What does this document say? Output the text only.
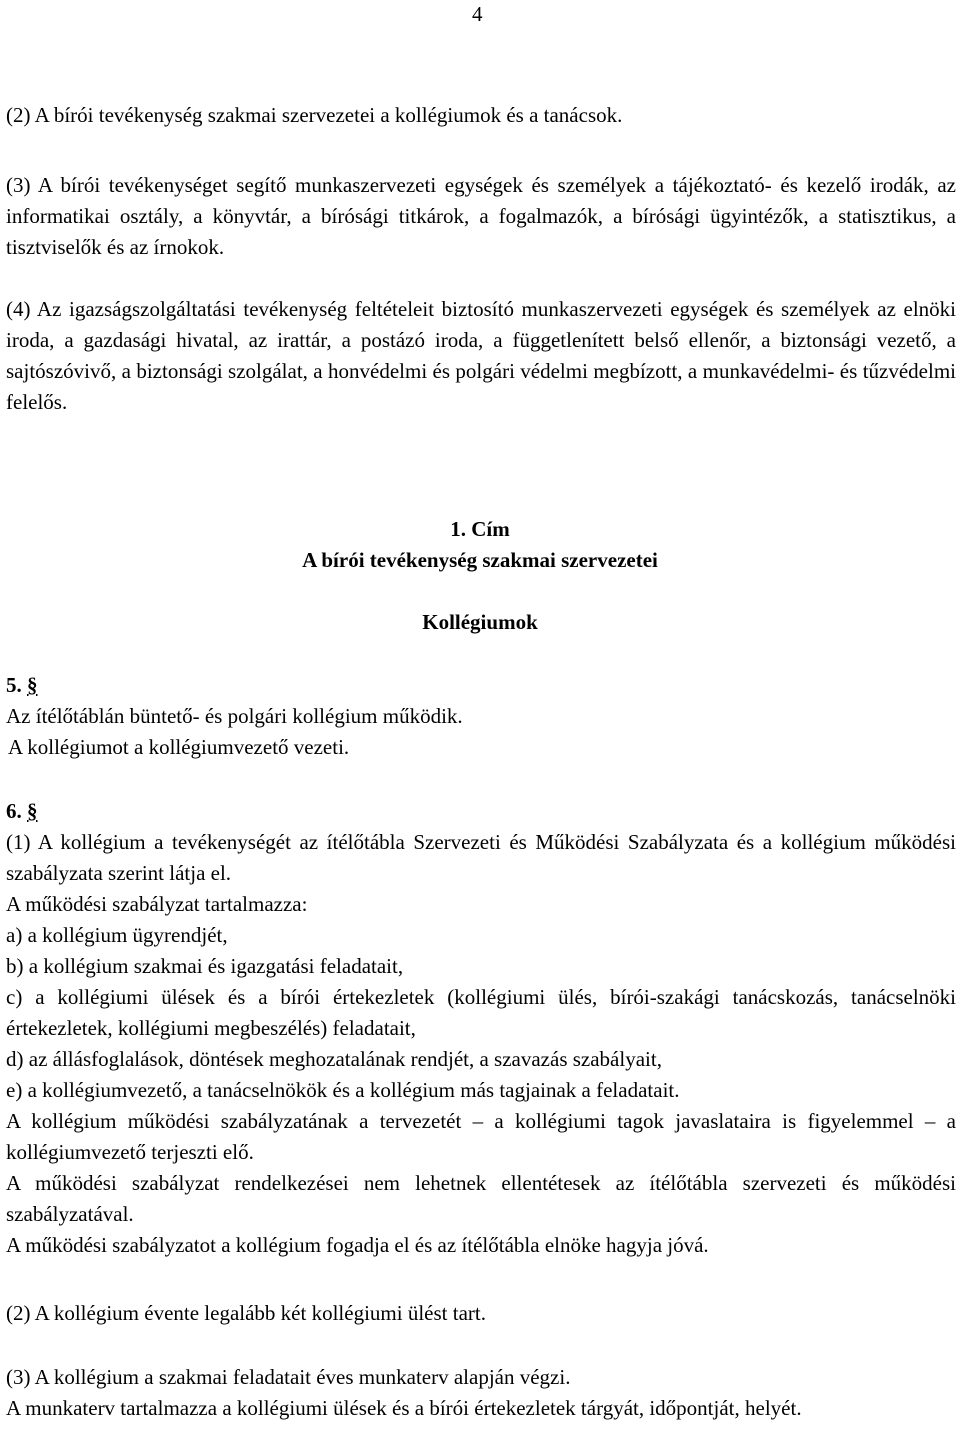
4

(2) A bírói tevékenység szakmai szervezetei a kollégiumok és a tanácsok.

(3) A bírói tevékenységet segítő munkaszervezeti egységek és személyek a tájékoztató- és kezelő irodák, az informatikai osztály, a könyvtár, a bírósági titkárok, a fogalmazók, a bírósági ügyintézők, a statisztikus, a tisztviselők és az írnokok.

(4) Az igazságszolgáltatási tevékenység feltételeit biztosító munkaszervezeti egységek és személyek az elnöki iroda, a gazdasági hivatal, az irattár, a postázó iroda, a függetlenített belső ellenőr, a biztonsági vezető, a sajtószóvivő, a biztonsági szolgálat, a honvédelmi és polgári védelmi megbízott, a munkavédelmi- és tűzvédelmi felelős.

1. Cím
A bírói tevékenység szakmai szervezetei
Kollégiumok

5. §

Az ítélőtáblán büntető- és polgári kollégium működik.

A kollégiumot a kollégiumvezető vezeti.

6. §

(1) A kollégium a tevékenységét az ítélőtábla Szervezeti és Működési Szabályzata és a kollégium működési szabályzata szerint látja el.

A működési szabályzat tartalmazza:

a) a kollégium ügyrendjét,

b) a kollégium szakmai és igazgatási feladatait,

c) a kollégiumi ülések és a bírói értekezletek (kollégiumi ülés, bírói-szakági tanácskozás, tanácselnöki értekezletek, kollégiumi megbeszélés) feladatait,

d) az állásfoglalások, döntések meghozatalának rendjét, a szavazás szabályait,

e) a kollégiumvezető, a tanácselnökök és a kollégium más tagjainak a feladatait.

A kollégium működési szabályzatának a tervezetét – a kollégiumi tagok javaslataira is figyelemmel – a kollégiumvezető terjeszti elő.

A működési szabályzat rendelkezései nem lehetnek ellentétesek az ítélőtábla szervezeti és működési szabályzatával.

A működési szabályzatot a kollégium fogadja el és az ítélőtábla elnöke hagyja jóvá.

(2) A kollégium évente legalább két kollégiumi ülést tart.

(3) A kollégium a szakmai feladatait éves munkaterv alapján végzi.

A munkaterv tartalmazza a kollégiumi ülések és a bírói értekezletek tárgyát, időpontját, helyét.
